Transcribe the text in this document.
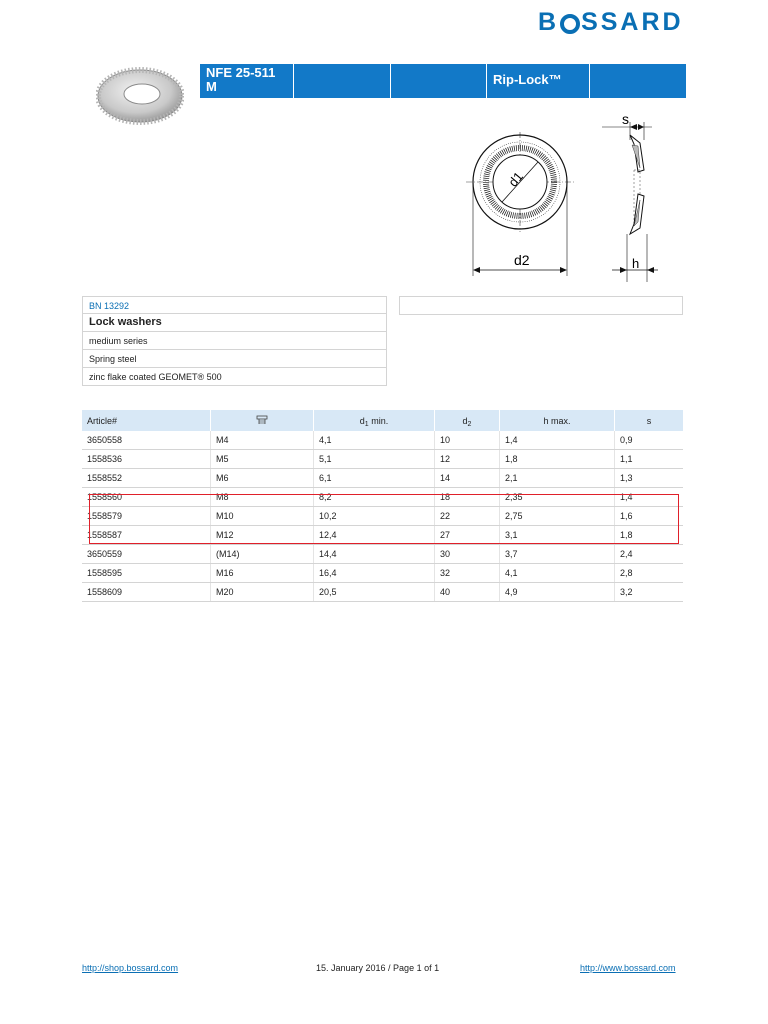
B SSARD
NFE 25-511 M	Rip-Lock™
d1
d2
s
h
BN 13292
Lock washers
medium series
Spring steel
zinc flake coated GEOMET® 500
Article#		$d_1$ min.	$d_2$	h max.	s
3650558	M4	4,1	10	1,4	0,9
1558536	M5	5,1	12	1,8	1,1
1558552	M6	6,1	14	2,1	1,3
1558560	M8	8,2	18	2,35	1,4
1558579	M10	10,2	22	2,75	1,6
1558587	M12	12,4	27	3,1	1,8
3650559	(M14)	14,4	30	3,7	2,4
1558595	M16	16,4	32	4,1	2,8
1558609	M20	20,5	40	4,9	3,2
http://shop.bossard.com	15. January 2016 / Page 1 of 1	http://www.bossard.com
